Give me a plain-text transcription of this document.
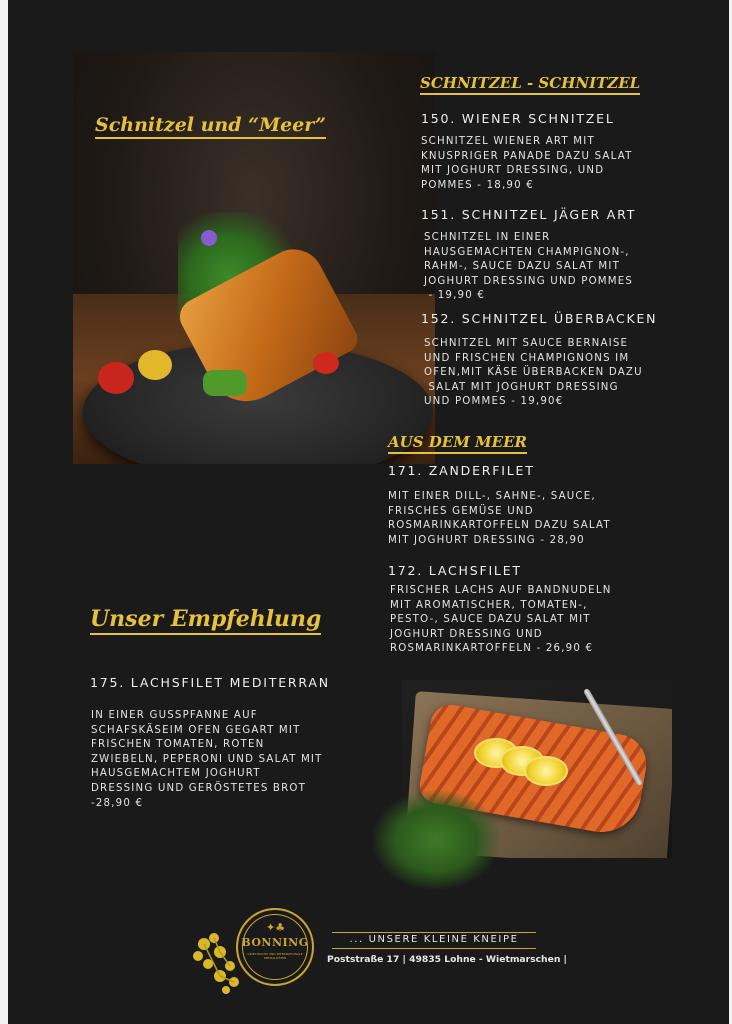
Schnitzel und “Meer”
SCHNITZEL - SCHNITZEL
AUS DEM MEER
Unser Empfehlung
150. WIENER SCHNITZEL
SCHNITZEL WIENER ART MIT
KNUSPRIGER PANADE DAZU SALAT
MIT JOGHURT DRESSING, UND
POMMES - 18,90 €
151. SCHNITZEL JÄGER ART
SCHNITZEL IN EINER
HAUSGEMACHTEN CHAMPIGNON-,
RAHM-, SAUCE DAZU SALAT MIT
JOGHURT DRESSING UND POMMES
- 19,90 €
152. SCHNITZEL ÜBERBACKEN
SCHNITZEL MIT SAUCE BERNAISE
UND FRISCHEN CHAMPIGNONS IM
OFEN,MIT KÄSE ÜBERBACKEN DAZU
SALAT MIT JOGHURT DRESSING
UND POMMES - 19,90€
171. ZANDERFILET
MIT EINER DILL-, SAHNE-, SAUCE,
FRISCHES GEMÜSE UND
ROSMARINKARTOFFELN DAZU SALAT
MIT JOGHURT DRESSING - 28,90
172. LACHSFILET
FRISCHER LACHS AUF BANDNUDELN
MIT AROMATISCHER, TOMATEN-,
PESTO-, SAUCE DAZU SALAT MIT
JOGHURT DRESSING UND
ROSMARINKARTOFFELN - 26,90 €
175. LACHSFILET MEDITERRAN
IN EINER GUSSPFANNE AUF
SCHAFSKÄSEIM OFEN GEGART MIT
FRISCHEN TOMATEN, ROTEN
ZWIEBELN, PEPERONI UND SALAT MIT
HAUSGEMACHTEM JOGHURT
DRESSING UND GERÖSTETES BROT
-28,90 €
✦♣
BONNING
GRIECHISCHE UND INTERNATIONALE SPEZIALITÄTEN
... UNSERE KLEINE KNEIPE
Poststraße 17 | 49835 Lohne - Wietmarschen |
